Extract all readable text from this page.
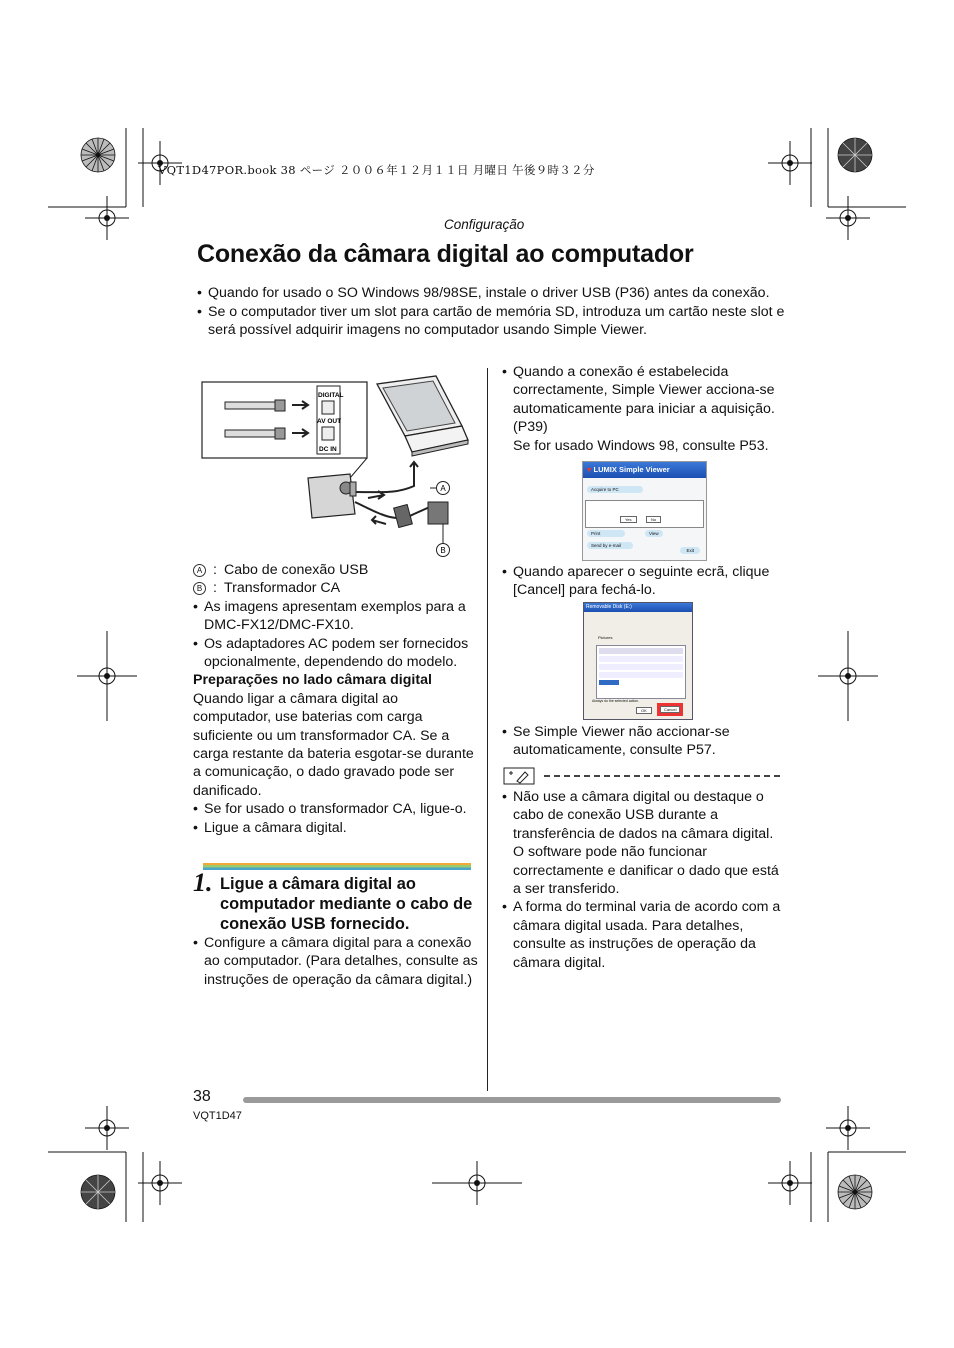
VQT1D47POR.book 38 ページ ２００６年１２月１１日 月曜日 午後９時３２分
Configuração
Conexão da câmara digital ao computador
• Quando for usado o SO Windows 98/98SE, instale o driver USB (P36) antes da conexão.
• Se o computador tiver um slot para cartão de memória SD, introduza um cartão neste slot e será possível adquirir imagens no computador usando Simple Viewer.
DIGITAL
AV OUT
DC IN
A
B
A : Cabo de conexão USB
B : Transformador CA
• As imagens apresentam exemplos para a DMC-FX12/DMC-FX10.
• Os adaptadores AC podem ser fornecidos opcionalmente, dependendo do modelo.
Preparações no lado câmara digital
Quando ligar a câmara digital ao computador, use baterias com carga suficiente ou um transformador CA. Se a carga restante da bateria esgotar-se durante a comunicação, o dado gravado pode ser danificado.
• Se for usado o transformador CA, ligue-o.
• Ligue a câmara digital.
1. Ligue a câmara digital ao computador mediante o cabo de conexão USB fornecido.
• Configure a câmara digital para a conexão ao computador. (Para detalhes, consulte as instruções de operação da câmara digital.)
• Quando a conexão é estabelecida correctamente, Simple Viewer acciona-se automaticamente para iniciar a aquisição. (P39)
Se for usado Windows 98, consulte P53.
♥ LUMIX Simple Viewer
Acquire to PC
Yes	No
Print
Send by e-mail
View
Exit
• Quando aparecer o seguinte ecrã, clique [Cancel] para fechá-lo.
Removable Disk (E:)
Pictures
Always do the selected action.
OK	Cancel
• Se Simple Viewer não accionar-se automaticamente, consulte P57.
• Não use a câmara digital ou destaque o cabo de conexão USB durante a transferência de dados na câmara digital. O software pode não funcionar correctamente e danificar o dado que está a ser transferido.
• A forma do terminal varia de acordo com a câmara digital usada. Para detalhes, consulte as instruções de operação da câmara digital.
38
VQT1D47
